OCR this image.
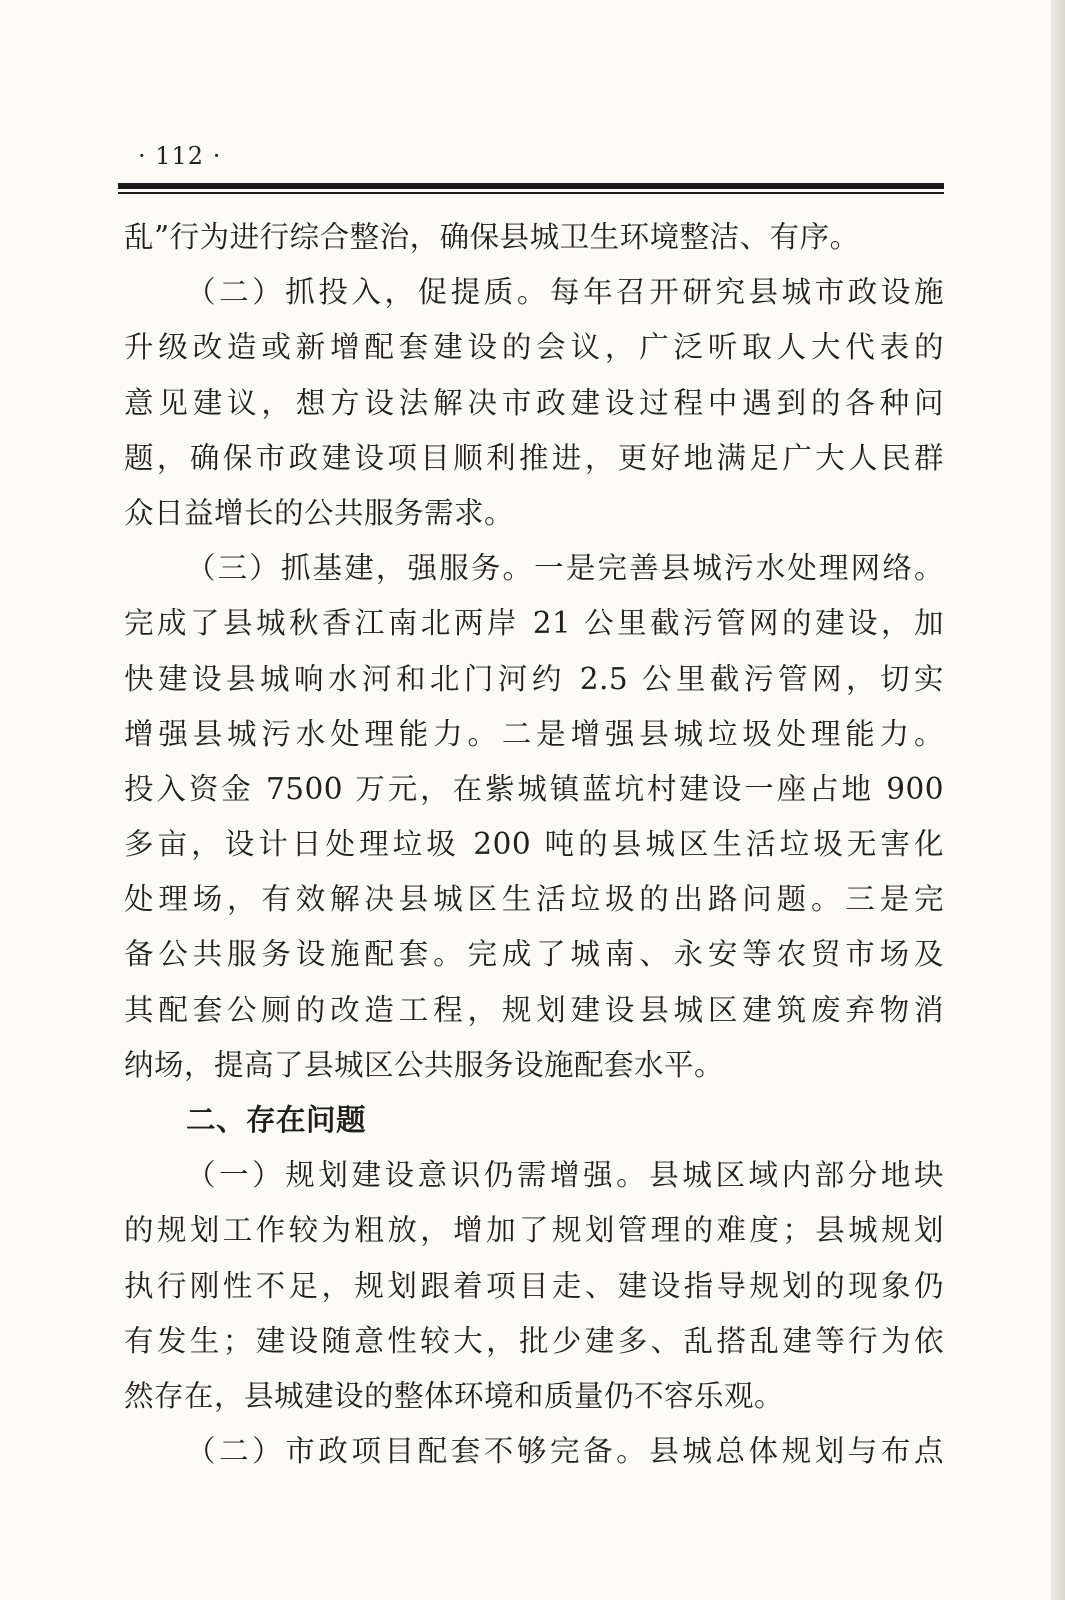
· 112 ·
乱”行为进行综合整治，确保县城卫生环境整洁、有序。
（二）抓投入，促提质。每年召开研究县城市政设施
升级改造或新增配套建设的会议，广泛听取人大代表的
意见建议，想方设法解决市政建设过程中遇到的各种问
题，确保市政建设项目顺利推进，更好地满足广大人民群
众日益增长的公共服务需求。
（三）抓基建，强服务。一是完善县城污水处理网络。
完成了县城秋香江南北两岸 21 公里截污管网的建设，加
快建设县城响水河和北门河约 2.5 公里截污管网，切实
增强县城污水处理能力。二是增强县城垃圾处理能力。
投入资金 7500 万元，在紫城镇蓝坑村建设一座占地 900
多亩，设计日处理垃圾 200 吨的县城区生活垃圾无害化
处理场，有效解决县城区生活垃圾的出路问题。三是完
备公共服务设施配套。完成了城南、永安等农贸市场及
其配套公厕的改造工程，规划建设县城区建筑废弃物消
纳场，提高了县城区公共服务设施配套水平。
二、存在问题
（一）规划建设意识仍需增强。县城区域内部分地块
的规划工作较为粗放，增加了规划管理的难度；县城规划
执行刚性不足，规划跟着项目走、建设指导规划的现象仍
有发生；建设随意性较大，批少建多、乱搭乱建等行为依
然存在，县城建设的整体环境和质量仍不容乐观。
（二）市政项目配套不够完备。县城总体规划与布点
